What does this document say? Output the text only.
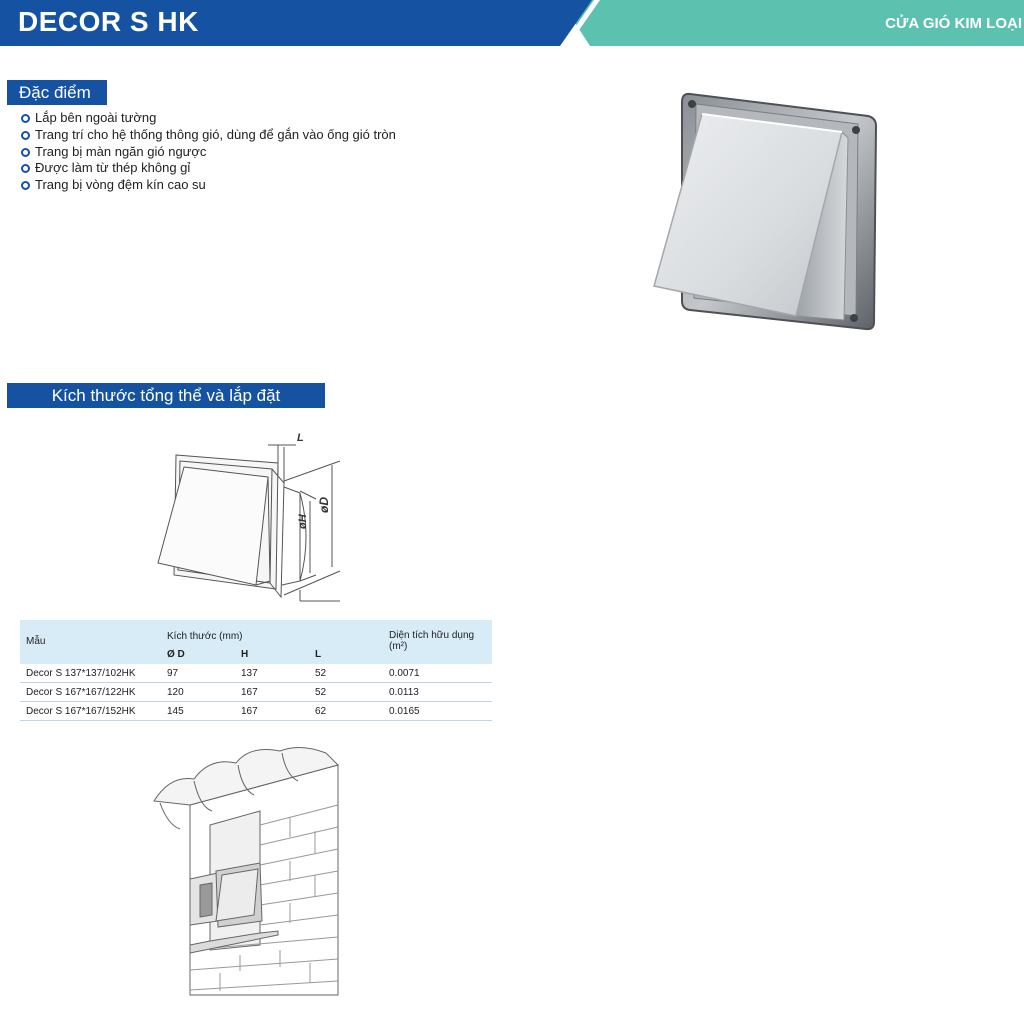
DECOR S HK	CỬA GIÓ KIM LOẠI
Đặc điểm
Lắp bên ngoài tường
Trang trí cho hệ thống thông gió, dùng để gắn vào ống gió tròn
Trang bị màn ngăn gió ngược
Được làm từ thép không gỉ
Trang bị vòng đệm kín cao su
Kích thước tổng thể và lắp đặt
L
øD
øH
Mẫu	Kích thước (mm)			Diện tích hữu dụng (m²)
	Ø D	H	L	
Decor S 137*137/102HK	97	137	52	0.0071
Decor S 167*167/122HK	120	167	52	0.0113
Decor S 167*167/152HK	145	167	62	0.0165
